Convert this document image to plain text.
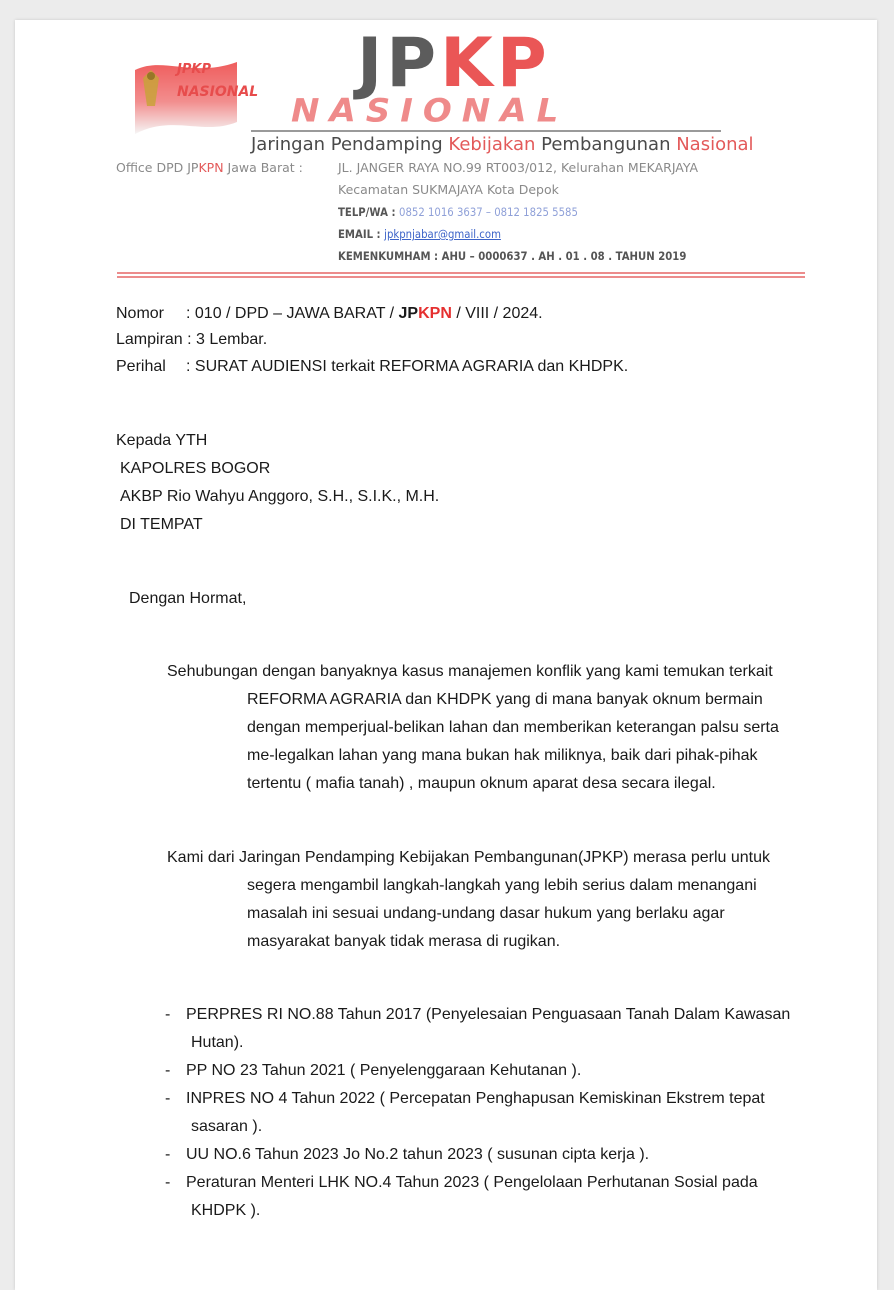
JPKP
NASIONAL JPKP
NASIONAL
Jaringan Pendamping Kebijakan Pembangunan Nasional
Office DPD JPKPN Jawa Barat :	JL. JANGER RAYA NO.99 RT003/012, Kelurahan MEKARJAYA
Kecamatan SUKMAJAYA Kota Depok
TELP/WA : 0852 1016 3637 – 0812 1825 5585
EMAIL : jpkpnjabar@gmail.com
KEMENKUMHAM : AHU – 0000637 . AH . 01 . 08 . TAHUN 2019
Nomor : 010 / DPD – JAWA BARAT / JPKPN / VIII / 2024.
Lampiran : 3 Lembar.
Perihal : SURAT AUDIENSI terkait REFORMA AGRARIA dan KHDPK.
Kepada YTH
KAPOLRES BOGOR
AKBP Rio Wahyu Anggoro, S.H., S.I.K., M.H.
DI TEMPAT
Dengan Hormat,
Sehubungan dengan banyaknya kasus manajemen konflik yang kami temukan terkait
REFORMA AGRARIA dan KHDPK yang di mana banyak oknum bermain
dengan memperjual-belikan lahan dan memberikan keterangan palsu serta
me-legalkan lahan yang mana bukan hak miliknya, baik dari pihak-pihak
tertentu ( mafia tanah) , maupun oknum aparat desa secara ilegal.
Kami dari Jaringan Pendamping Kebijakan Pembangunan(JPKP) merasa perlu untuk
segera mengambil langkah-langkah yang lebih serius dalam menangani
masalah ini sesuai undang-undang dasar hukum yang berlaku agar
masyarakat banyak tidak merasa di rugikan.
- PERPRES RI NO.88 Tahun 2017 (Penyelesaian Penguasaan Tanah Dalam Kawasan
Hutan).
- PP NO 23 Tahun 2021 ( Penyelenggaraan Kehutanan ).
- INPRES NO 4 Tahun 2022 ( Percepatan Penghapusan Kemiskinan Ekstrem tepat
sasaran ).
- UU NO.6 Tahun 2023 Jo No.2 tahun 2023 ( susunan cipta kerja ).
- Peraturan Menteri LHK NO.4 Tahun 2023 ( Pengelolaan Perhutanan Sosial pada
KHDPK ).
